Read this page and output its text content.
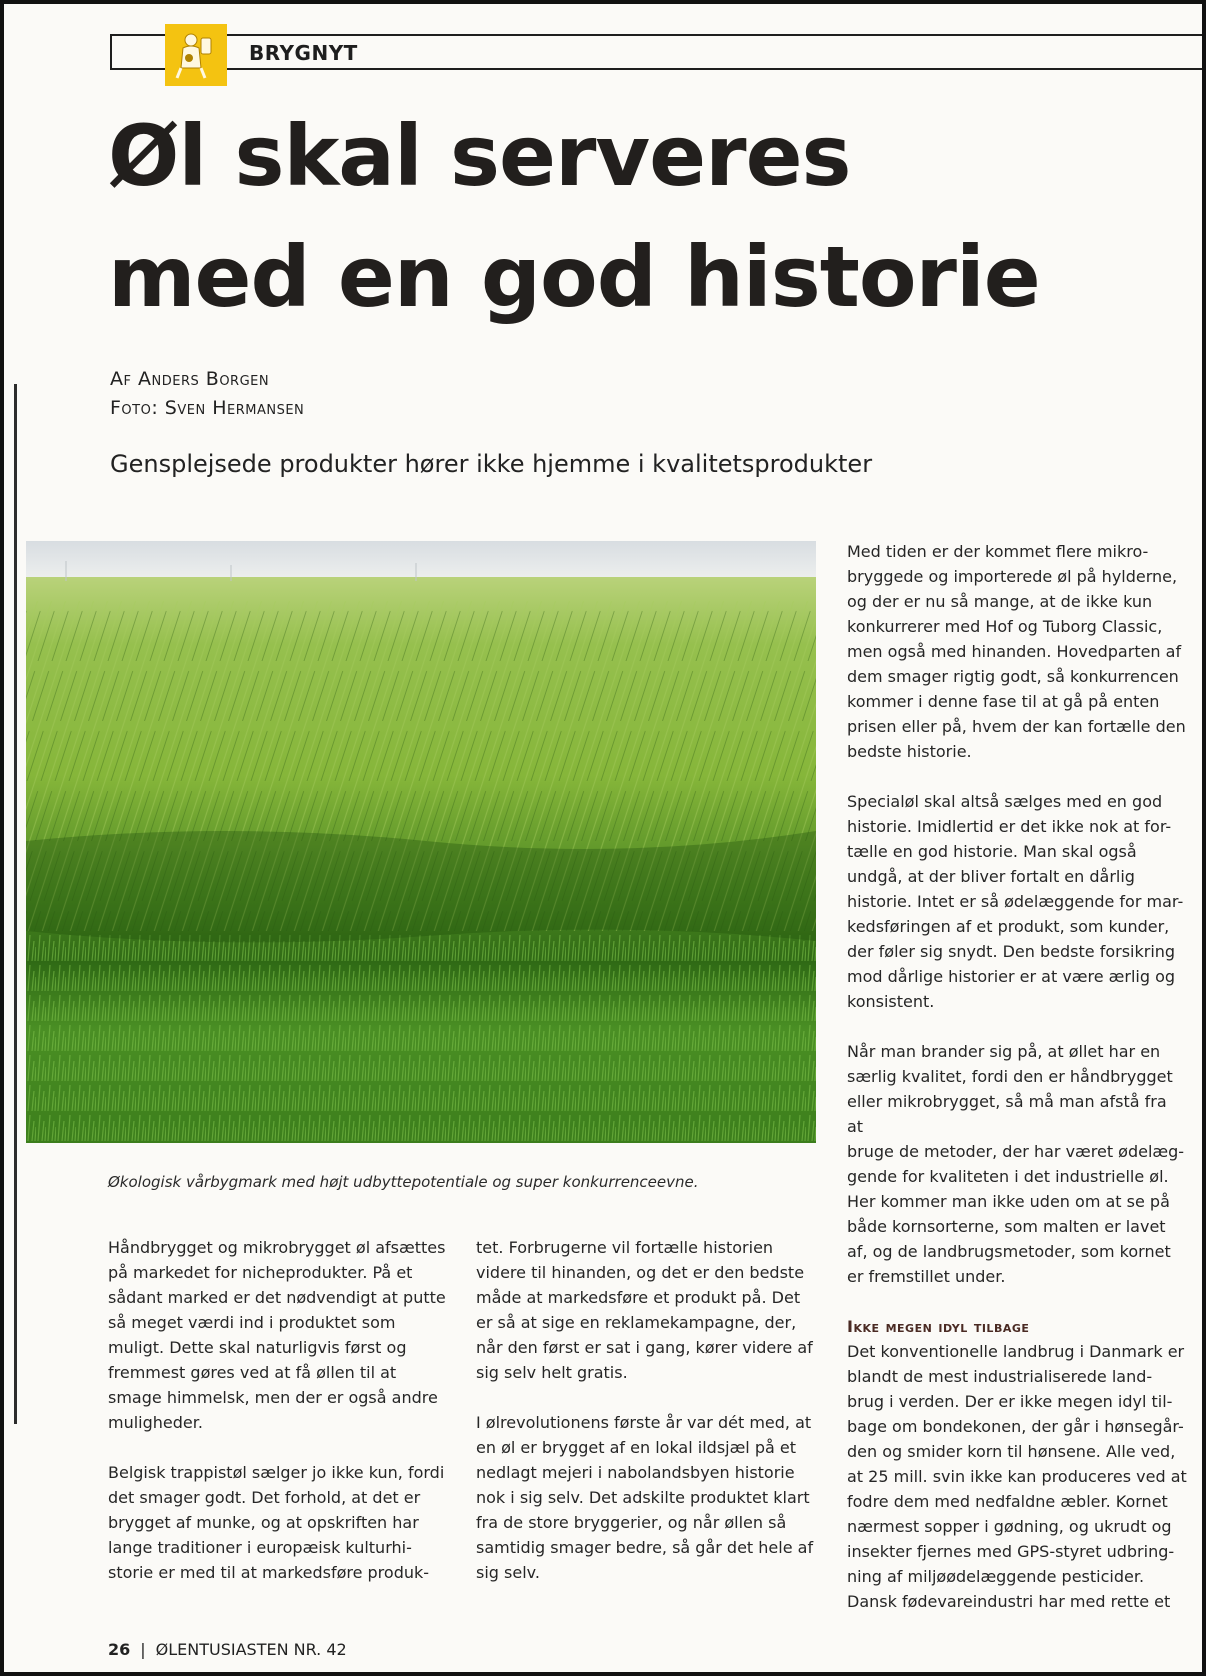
BRYGNYT
Øl skal serveres
med en god historie
Af Anders Borgen
Foto: Sven Hermansen
Gensplejsede produkter hører ikke hjemme i kvalitetsprodukter
Økologisk vårbygmark med højt udbyttepotentiale og super konkurrenceevne.

Håndbrygget og mikrobrygget øl afsættes
på markedet for nicheprodukter. På et
sådant marked er det nødvendigt at putte
så meget værdi ind i produktet som
muligt. Dette skal naturligvis først og
fremmest gøres ved at få øllen til at
smage himmelsk, men der er også andre
muligheder.

Belgisk trappistøl sælger jo ikke kun, fordi
det smager godt. Det forhold, at det er
brygget af munke, og at opskriften har
lange traditioner i europæisk kulturhi-
storie er med til at markedsføre produk-

tet. Forbrugerne vil fortælle historien
videre til hinanden, og det er den bedste
måde at markedsføre et produkt på. Det
er så at sige en reklamekampagne, der,
når den først er sat i gang, kører videre af
sig selv helt gratis.

I ølrevolutionens første år var dét med, at
en øl er brygget af en lokal ildsjæl på et
nedlagt mejeri i nabolandsbyen historie
nok i sig selv. Det adskilte produktet klart
fra de store bryggerier, og når øllen så
samtidig smager bedre, så går det hele af
sig selv.

Med tiden er der kommet flere mikro-
bryggede og importerede øl på hylderne,
og der er nu så mange, at de ikke kun
konkurrerer med Hof og Tuborg Classic,
men også med hinanden. Hovedparten af
dem smager rigtig godt, så konkurrencen
kommer i denne fase til at gå på enten
prisen eller på, hvem der kan fortælle den
bedste historie.

Specialøl skal altså sælges med en god
historie. Imidlertid er det ikke nok at for-
tælle en god historie. Man skal også
undgå, at der bliver fortalt en dårlig
historie. Intet er så ødelæggende for mar-
kedsføringen af et produkt, som kunder,
der føler sig snydt. Den bedste forsikring
mod dårlige historier er at være ærlig og
konsistent.

Når man brander sig på, at øllet har en
særlig kvalitet, fordi den er håndbrygget
eller mikrobrygget, så må man afstå fra at
bruge de metoder, der har været ødelæg-
gende for kvaliteten i det industrielle øl.
Her kommer man ikke uden om at se på
både kornsorterne, som malten er lavet
af, og de landbrugsmetoder, som kornet
er fremstillet under.

Ikke megen idyl tilbage

Det konventionelle landbrug i Danmark er
blandt de mest industrialiserede land-
brug i verden. Der er ikke megen idyl til-
bage om bondekonen, der går i hønsegår-
den og smider korn til hønsene. Alle ved,
at 25 mill. svin ikke kan produceres ved at
fodre dem med nedfaldne æbler. Kornet
nærmest sopper i gødning, og ukrudt og
insekter fjernes med GPS-styret udbring-
ning af miljøødelæggende pesticider.
Dansk fødevareindustri har med rette et

26 | ØLENTUSIASTEN NR. 42
